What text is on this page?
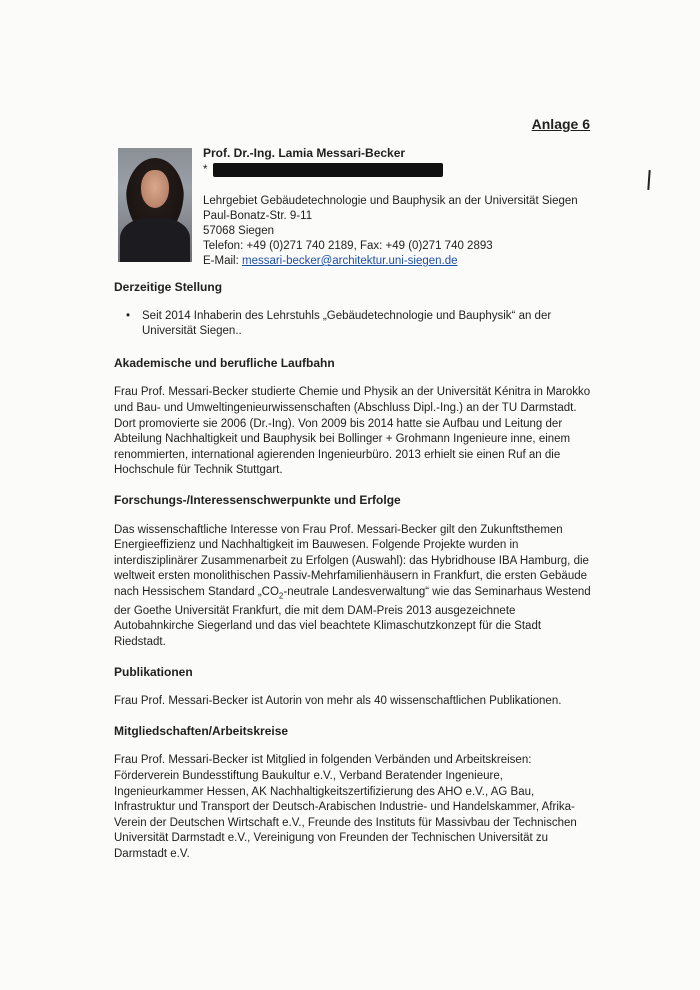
Anlage 6
Prof. Dr.-Ing. Lamia Messari-Becker
*
Lehrgebiet Gebäudetechnologie und Bauphysik an der Universität Siegen
Paul-Bonatz-Str. 9-11
57068 Siegen
Telefon: +49 (0)271 740 2189, Fax: +49 (0)271 740 2893
E-Mail: messari-becker@architektur.uni-siegen.de
Derzeitige Stellung
• Seit 2014 Inhaberin des Lehrstuhls „Gebäudetechnologie und Bauphysik“ an der Universität Siegen..
Akademische und berufliche Laufbahn

Frau Prof. Messari-Becker studierte Chemie und Physik an der Universität Kénitra in Marokko und Bau- und Umweltingenieurwissenschaften (Abschluss Dipl.-Ing.) an der TU Darmstadt. Dort promovierte sie 2006 (Dr.-Ing). Von 2009 bis 2014 hatte sie Aufbau und Leitung der Abteilung Nachhaltigkeit und Bauphysik bei Bollinger + Grohmann Ingenieure inne, einem renommierten, international agierenden Ingenieurbüro. 2013 erhielt sie einen Ruf an die Hochschule für Technik Stuttgart.

Forschungs-/Interessenschwerpunkte und Erfolge

Das wissenschaftliche Interesse von Frau Prof. Messari-Becker gilt den Zukunftsthemen Energieeffizienz und Nachhaltigkeit im Bauwesen. Folgende Projekte wurden in interdisziplinärer Zusammenarbeit zu Erfolgen (Auswahl): das Hybridhouse IBA Hamburg, die weltweit ersten monolithischen Passiv-Mehrfamilienhäusern in Frankfurt, die ersten Gebäude nach Hessischem Standard $„CO_2$-neutrale Landesverwaltung“ wie das Seminarhaus Westend der Goethe Universität Frankfurt, die mit dem DAM-Preis 2013 ausgezeichnete Autobahnkirche Siegerland und das viel beachtete Klimaschutzkonzept für die Stadt Riedstadt.

Publikationen

Frau Prof. Messari-Becker ist Autorin von mehr als 40 wissenschaftlichen Publikationen.

Mitgliedschaften/Arbeitskreise

Frau Prof. Messari-Becker ist Mitglied in folgenden Verbänden und Arbeitskreisen: Förderverein Bundesstiftung Baukultur e.V., Verband Beratender Ingenieure, Ingenieurkammer Hessen, AK Nachhaltigkeitszertifizierung des AHO e.V., AG Bau, Infrastruktur und Transport der Deutsch-Arabischen Industrie- und Handelskammer, Afrika-Verein der Deutschen Wirtschaft e.V., Freunde des Instituts für Massivbau der Technischen Universität Darmstadt e.V., Vereinigung von Freunden der Technischen Universität zu Darmstadt e.V.
